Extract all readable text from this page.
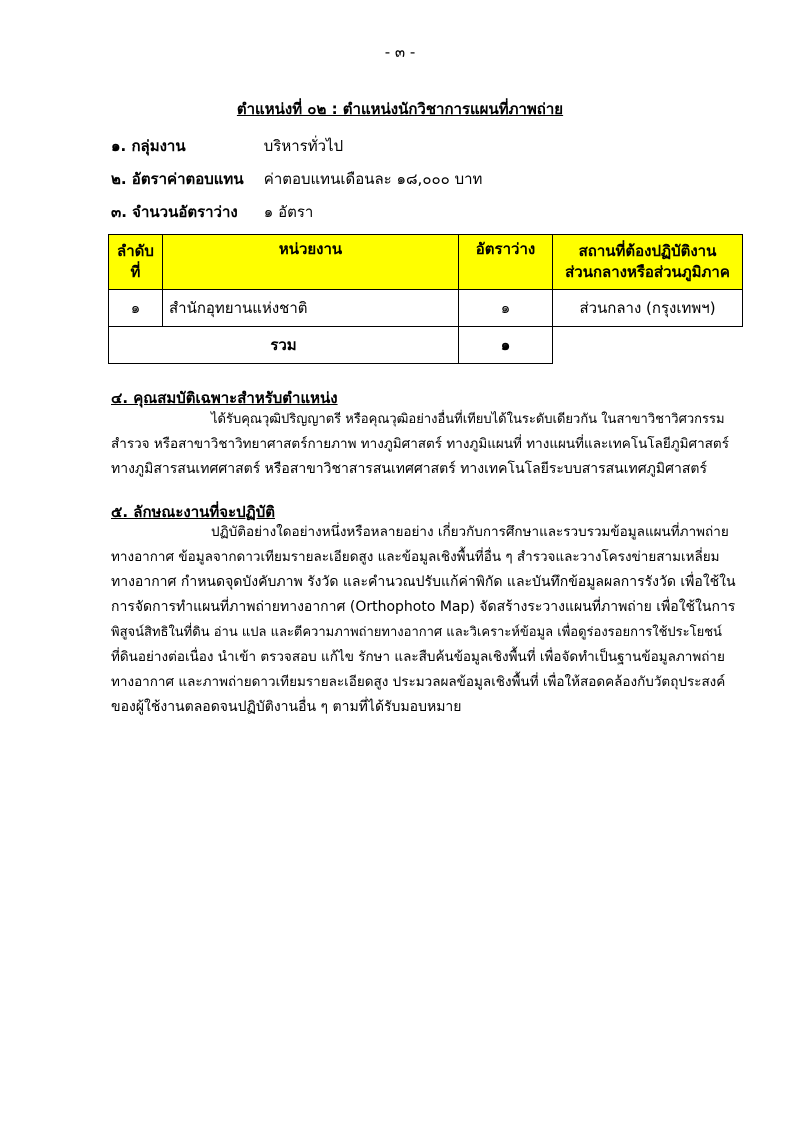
- ๓ -
ตำแหน่งที่ ๐๒ : ตำแหน่งนักวิชาการแผนที่ภาพถ่าย
๑. กลุ่มงาน	บริหารทั่วไป
๒. อัตราค่าตอบแทน ค่าตอบแทนเดือนละ ๑๘,๐๐๐ บาท
๓. จำนวนอัตราว่าง ๑ อัตรา
ลำดับ
ที่	หน่วยงาน	อัตราว่าง	สถานที่ต้องปฏิบัติงาน
ส่วนกลางหรือส่วนภูมิภาค
๑	สำนักอุทยานแห่งชาติ	๑	ส่วนกลาง (กรุงเทพฯ)
รวม		๑	
๔. คุณสมบัติเฉพาะสำหรับตำแหน่ง
ได้รับคุณวุฒิปริญญาตรี หรือคุณวุฒิอย่างอื่นที่เทียบได้ในระดับเดียวกัน ในสาขาวิชาวิศวกรรม
สำรวจ หรือสาขาวิชาวิทยาศาสตร์กายภาพ ทางภูมิศาสตร์ ทางภูมิแผนที่ ทางแผนที่และเทคโนโลยีภูมิศาสตร์
ทางภูมิสารสนเทศศาสตร์ หรือสาขาวิชาสารสนเทศศาสตร์ ทางเทคโนโลยีระบบสารสนเทศภูมิศาสตร์
๕. ลักษณะงานที่จะปฏิบัติ
ปฏิบัติอย่างใดอย่างหนึ่งหรือหลายอย่าง เกี่ยวกับการศึกษาและรวบรวมข้อมูลแผนที่ภาพถ่าย
ทางอากาศ ข้อมูลจากดาวเทียมรายละเอียดสูง และข้อมูลเชิงพื้นที่อื่น ๆ สำรวจและวางโครงข่ายสามเหลี่ยม
ทางอากาศ กำหนดจุดบังคับภาพ รังวัด และคำนวณปรับแก้ค่าพิกัด และบันทึกข้อมูลผลการรังวัด เพื่อใช้ใน
การจัดการทำแผนที่ภาพถ่ายทางอากาศ (Orthophoto Map) จัดสร้างระวางแผนที่ภาพถ่าย เพื่อใช้ในการ
พิสูจน์สิทธิในที่ดิน อ่าน แปล และตีความภาพถ่ายทางอากาศ และวิเคราะห์ข้อมูล เพื่อดูร่องรอยการใช้ประโยชน์
ที่ดินอย่างต่อเนื่อง นำเข้า ตรวจสอบ แก้ไข รักษา และสืบค้นข้อมูลเชิงพื้นที่ เพื่อจัดทำเป็นฐานข้อมูลภาพถ่าย
ทางอากาศ และภาพถ่ายดาวเทียมรายละเอียดสูง ประมวลผลข้อมูลเชิงพื้นที่ เพื่อให้สอดคล้องกับวัตถุประสงค์
ของผู้ใช้งานตลอดจนปฏิบัติงานอื่น ๆ ตามที่ได้รับมอบหมาย
